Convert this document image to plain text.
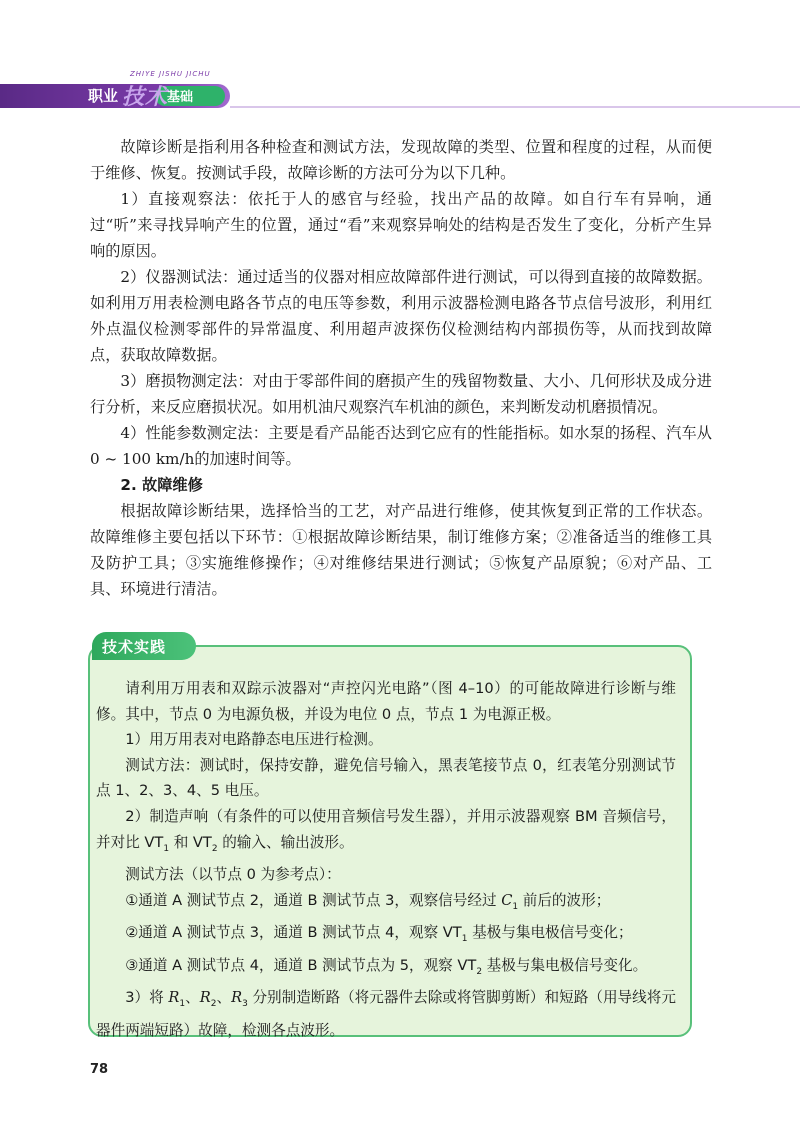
ZHIYE JISHU JICHU
职业 技术
基础

故障诊断是指利用各种检查和测试方法，发现故障的类型、位置和程度的过程，从而便于维修、恢复。按测试手段，故障诊断的方法可分为以下几种。

1）直接观察法：依托于人的感官与经验，找出产品的故障。如自行车有异响，通过“听”来寻找异响产生的位置，通过“看”来观察异响处的结构是否发生了变化，分析产生异响的原因。

2）仪器测试法：通过适当的仪器对相应故障部件进行测试，可以得到直接的故障数据。如利用万用表检测电路各节点的电压等参数，利用示波器检测电路各节点信号波形，利用红外点温仪检测零部件的异常温度、利用超声波探伤仪检测结构内部损伤等，从而找到故障点，获取故障数据。

3）磨损物测定法：对由于零部件间的磨损产生的残留物数量、大小、几何形状及成分进行分析，来反应磨损状况。如用机油尺观察汽车机油的颜色，来判断发动机磨损情况。

4）性能参数测定法：主要是看产品能否达到它应有的性能指标。如水泵的扬程、汽车从0 ~ 100 km/h的加速时间等。

2. 故障维修

根据故障诊断结果，选择恰当的工艺，对产品进行维修，使其恢复到正常的工作状态。故障维修主要包括以下环节：①根据故障诊断结果，制订维修方案；②准备适当的维修工具及防护工具；③实施维修操作；④对维修结果进行测试；⑤恢复产品原貌；⑥对产品、工具、环境进行清洁。

技术实践

请利用万用表和双踪示波器对“声控闪光电路”（图 4–10）的可能故障进行诊断与维修。其中，节点 0 为电源负极，并设为电位 0 点，节点 1 为电源正极。

1）用万用表对电路静态电压进行检测。

测试方法：测试时，保持安静，避免信号输入，黑表笔接节点 0，红表笔分别测试节点 1、2、3、4、5 电压。

2）制造声响（有条件的可以使用音频信号发生器），并用示波器观察 BM 音频信号，并对比 $VT_1$ 和 $VT_2$ 的输入、输出波形。

测试方法（以节点 0 为参考点）：

①通道 A 测试节点 2，通道 B 测试节点 3，观察信号经过 $C_1$ 前后的波形；

②通道 A 测试节点 3，通道 B 测试节点 4，观察 $VT_1$ 基极与集电极信号变化；

③通道 A 测试节点 4，通道 B 测试节点为 5，观察 $VT_2$ 基极与集电极信号变化。

3）将 $R_1$、$R_2$、$R_3$ 分别制造断路（将元器件去除或将管脚剪断）和短路（用导线将元器件两端短路）故障，检测各点波形。

78
